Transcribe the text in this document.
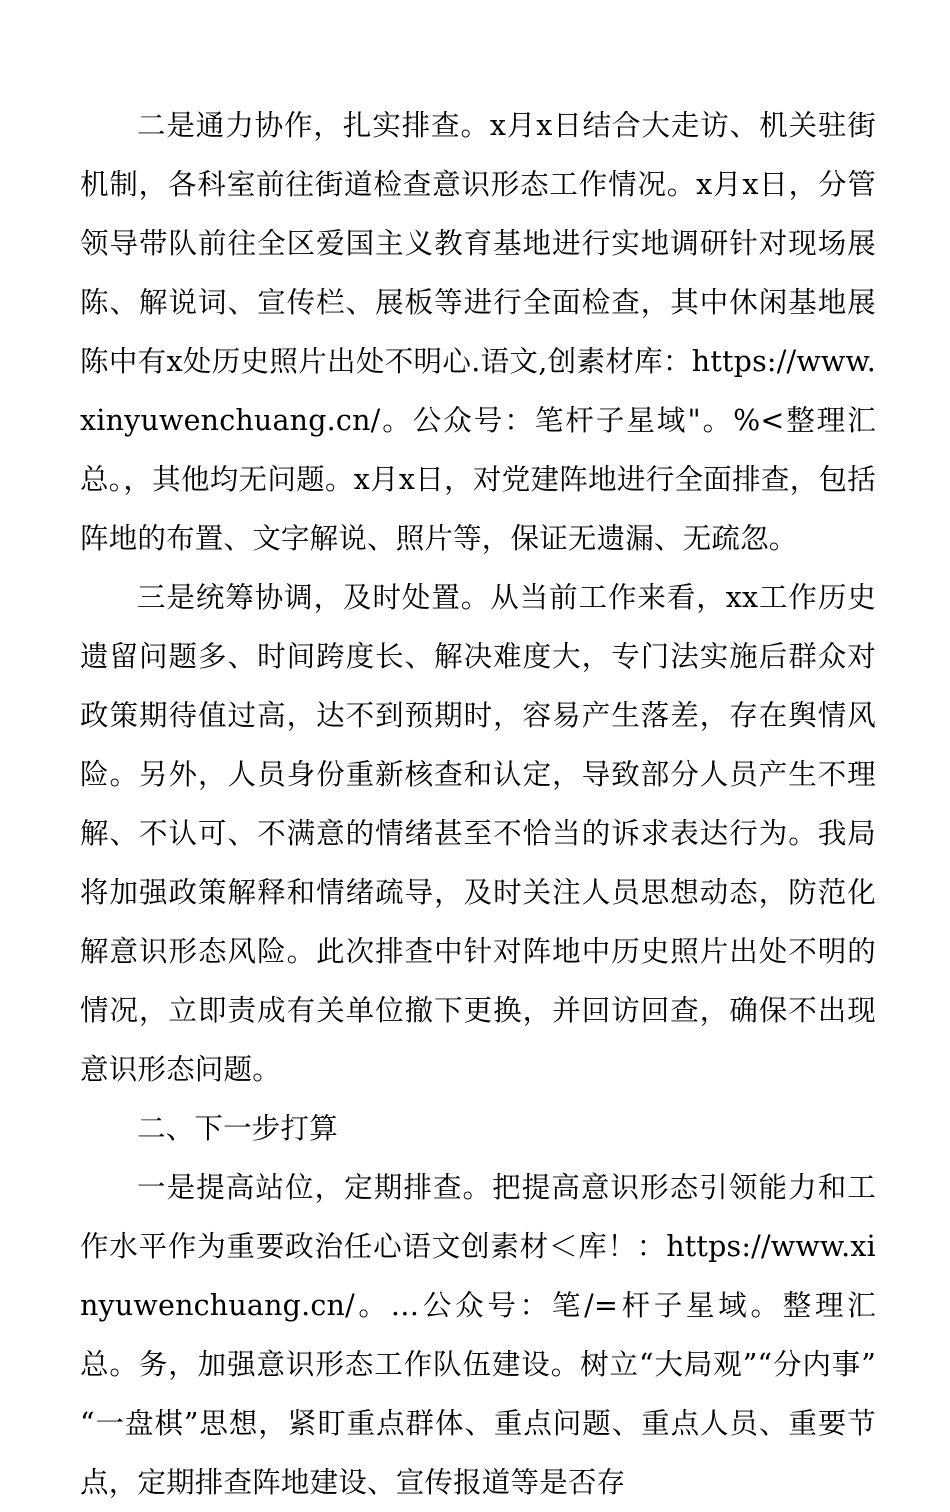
二是通力协作，扎实排查。x月x日结合大走访、机关驻街机制，各科室前往街道检查意识形态工作情况。x月x日，分管领导带队前往全区爱国主义教育基地进行实地调研针对现场展陈、解说词、宣传栏、展板等进行全面检查，其中休闲基地展陈中有x处历史照片出处不明心.语文,创素材库：https://www.xinyuwenchuang.cn/。公众号：笔杆子星域"。%<整理汇总。，其他均无问题。x月x日，对党建阵地进行全面排查，包括阵地的布置、文字解说、照片等，保证无遗漏、无疏忽。

三是统筹协调，及时处置。从当前工作来看，xx工作历史遗留问题多、时间跨度长、解决难度大，专门法实施后群众对政策期待值过高，达不到预期时，容易产生落差，存在舆情风险。另外，人员身份重新核查和认定，导致部分人员产生不理解、不认可、不满意的情绪甚至不恰当的诉求表达行为。我局将加强政策解释和情绪疏导，及时关注人员思想动态，防范化解意识形态风险。此次排查中针对阵地中历史照片出处不明的情况，立即责成有关单位撤下更换，并回访回查，确保不出现意识形态问题。

二、下一步打算

一是提高站位，定期排查。把提高意识形态引领能力和工作水平作为重要政治任心语文创素材＜库！：https://www.xinyuwenchuang.cn/。…公众号：笔/=杆子星域。整理汇总。务，加强意识形态工作队伍建设。树立“大局观”“分内事”“一盘棋”思想，紧盯重点群体、重点问题、重点人员、重要节点，定期排查阵地建设、宣传报道等是否存
